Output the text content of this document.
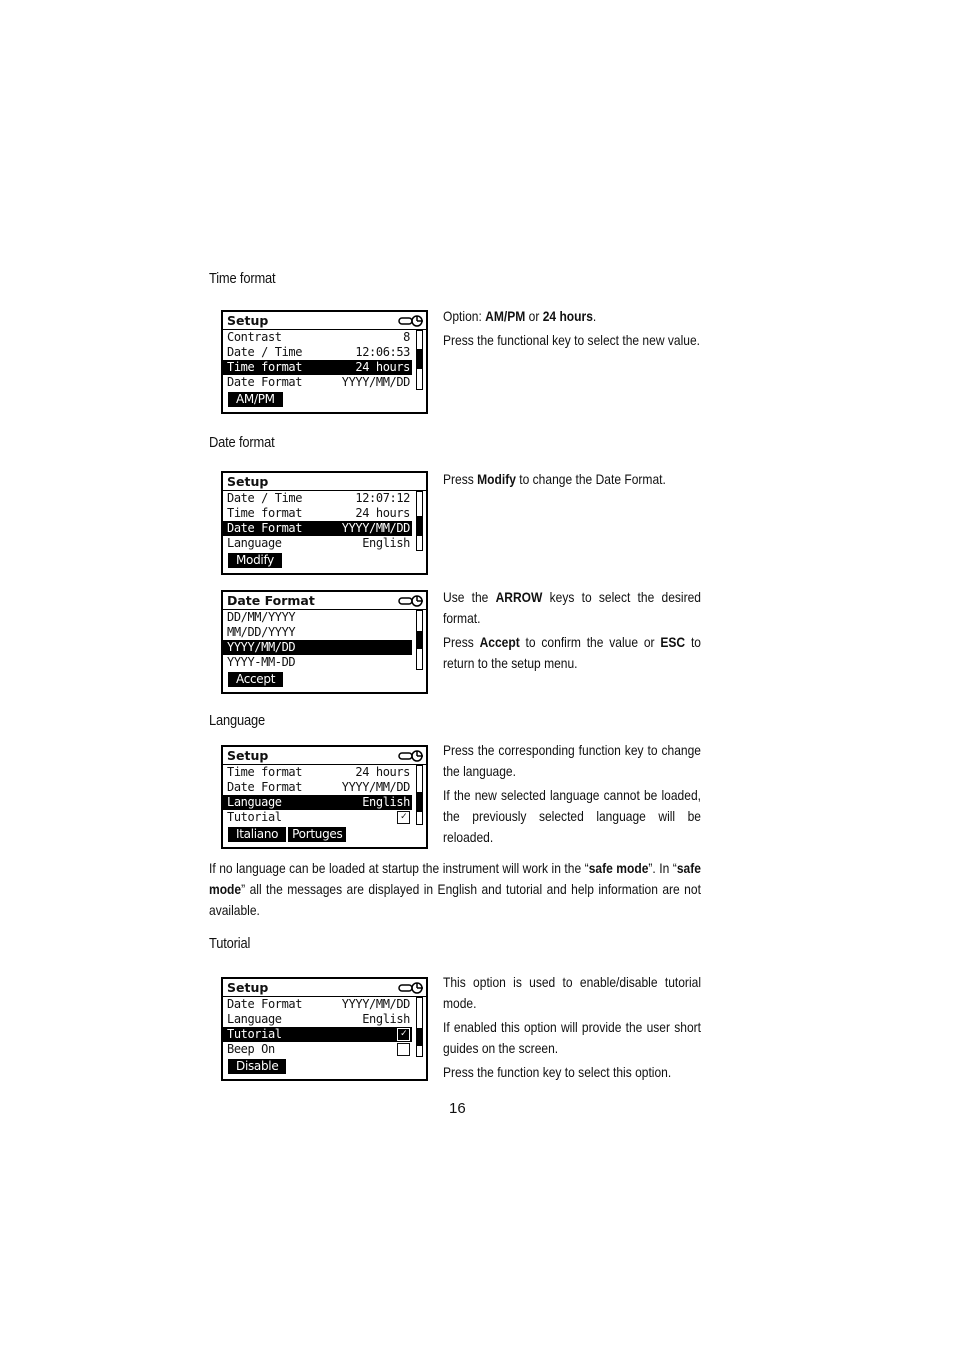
Time format
Setup
Contrast	8
Date / Time	12:06:53
Time format	24 hours
Date Format	YYYY/MM/DD
AM/PM

Option: AM/PM or 24 hours.

Press the functional key to select the new value.

Date format
Setup
Date / Time	12:07:12
Time format	24 hours
Date Format	YYYY/MM/DD
Language	English
Modify

Press Modify to change the Date Format.

Date Format
DD/MM/YYYY
MM/DD/YYYY
YYYY/MM/DD
YYYY-MM-DD
Accept

Use the ARROW keys to select the desired format.

Press Accept to confirm the value or ESC to return to the setup menu.

Language
Setup
Time format	24 hours
Date Format	YYYY/MM/DD
Language	English
Tutorial	✓
Italiano Portuges

Press the corresponding function key to change the language.

If the new selected language cannot be loaded, the previously selected language will be reloaded.

If no language can be loaded at startup the instrument will work in the “safe mode”. In “safe mode” all the messages are displayed in English and tutorial and help information are not available.
Tutorial
Setup
Date Format	YYYY/MM/DD
Language	English
Tutorial	✓
Beep On
Disable

This option is used to enable/disable tutorial mode.

If enabled this option will provide the user short guides on the screen.

Press the function key to select this option.

16
